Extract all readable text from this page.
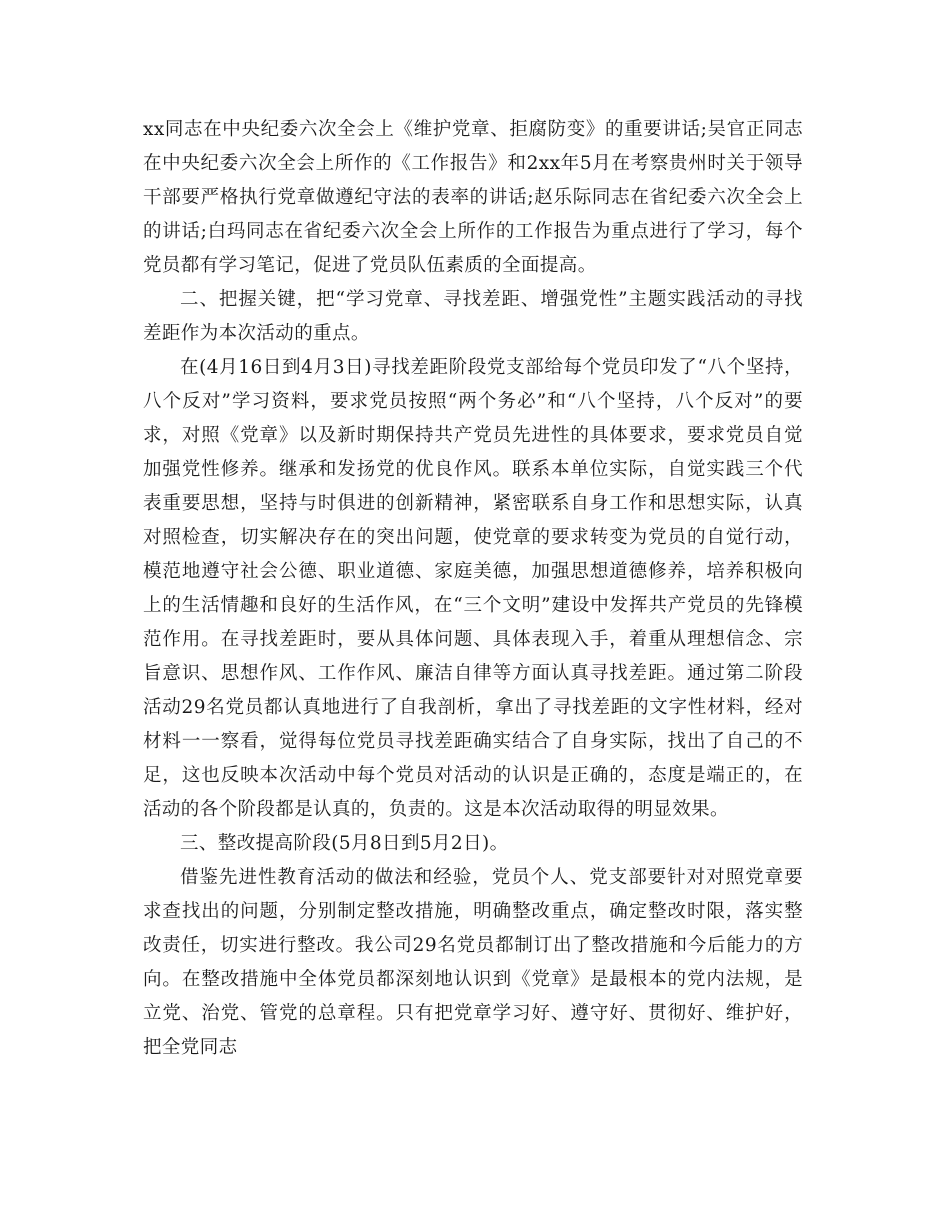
xx同志在中央纪委六次全会上《维护党章、拒腐防变》的重要讲话;吴官正同志在中央纪委六次全会上所作的《工作报告》和2xx年5月在考察贵州时关于领导干部要严格执行党章做遵纪守法的表率的讲话;赵乐际同志在省纪委六次全会上的讲话;白玛同志在省纪委六次全会上所作的工作报告为重点进行了学习，每个党员都有学习笔记，促进了党员队伍素质的全面提高。

二、把握关键，把“学习党章、寻找差距、增强党性”主题实践活动的寻找差距作为本次活动的重点。

在(4月16日到4月3日)寻找差距阶段党支部给每个党员印发了“八个坚持，八个反对”学习资料，要求党员按照“两个务必”和“八个坚持，八个反对”的要求，对照《党章》以及新时期保持共产党员先进性的具体要求，要求党员自觉加强党性修养。继承和发扬党的优良作风。联系本单位实际，自觉实践三个代表重要思想，坚持与时俱进的创新精神，紧密联系自身工作和思想实际，认真对照检查，切实解决存在的突出问题，使党章的要求转变为党员的自觉行动，模范地遵守社会公德、职业道德、家庭美德，加强思想道德修养，培养积极向上的生活情趣和良好的生活作风，在“三个文明”建设中发挥共产党员的先锋模范作用。在寻找差距时，要从具体问题、具体表现入手，着重从理想信念、宗旨意识、思想作风、工作作风、廉洁自律等方面认真寻找差距。通过第二阶段活动29名党员都认真地进行了自我剖析，拿出了寻找差距的文字性材料，经对材料一一察看，觉得每位党员寻找差距确实结合了自身实际，找出了自己的不足，这也反映本次活动中每个党员对活动的认识是正确的，态度是端正的，在活动的各个阶段都是认真的，负责的。这是本次活动取得的明显效果。

三、整改提高阶段(5月8日到5月2日)。

借鉴先进性教育活动的做法和经验，党员个人、党支部要针对对照党章要求查找出的问题，分别制定整改措施，明确整改重点，确定整改时限，落实整改责任，切实进行整改。我公司29名党员都制订出了整改措施和今后能力的方向。在整改措施中全体党员都深刻地认识到《党章》是最根本的党内法规，是立党、治党、管党的总章程。只有把党章学习好、遵守好、贯彻好、维护好，把全党同志
